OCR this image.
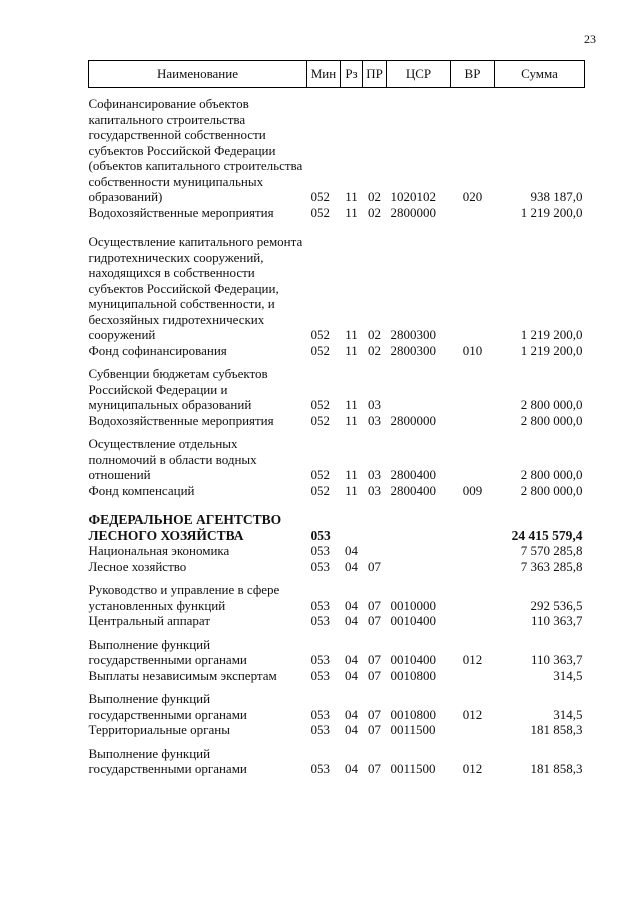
23
Наименование	Мин	Рз	ПР	ЦСР	ВР	Сумма

Софинансирование объектов капитального строительства государственной собственности субъектов Российской Федерации (объектов капитального строительства собственности муниципальных образований)	052	11	02	1020102	020	938 187,0
Водохозяйственные мероприятия	052	11	02	2800000		1 219 200,0

Осуществление капитального ремонта гидротехнических сооружений, находящихся в собственности субъектов Российской Федерации, муниципальной собственности, и бесхозяйных гидротехнических сооружений	052	11	02	2800300		1 219 200,0
Фонд софинансирования	052	11	02	2800300	010	1 219 200,0

Субвенции бюджетам субъектов Российской Федерации и муниципальных образований	052	11	03			2 800 000,0
Водохозяйственные мероприятия	052	11	03	2800000		2 800 000,0

Осуществление отдельных полномочий в области водных отношений	052	11	03	2800400		2 800 000,0
Фонд компенсаций	052	11	03	2800400	009	2 800 000,0

ФЕДЕРАЛЬНОЕ АГЕНТСТВО ЛЕСНОГО ХОЗЯЙСТВА	053					24 415 579,4
Национальная экономика	053	04				7 570 285,8
Лесное хозяйство	053	04	07			7 363 285,8

Руководство и управление в сфере установленных функций	053	04	07	0010000		292 536,5
Центральный аппарат	053	04	07	0010400		110 363,7

Выполнение функций государственными органами	053	04	07	0010400	012	110 363,7
Выплаты независимым экспертам	053	04	07	0010800		314,5

Выполнение функций государственными органами	053	04	07	0010800	012	314,5
Территориальные органы	053	04	07	0011500		181 858,3

Выполнение функций государственными органами	053	04	07	0011500	012	181 858,3
